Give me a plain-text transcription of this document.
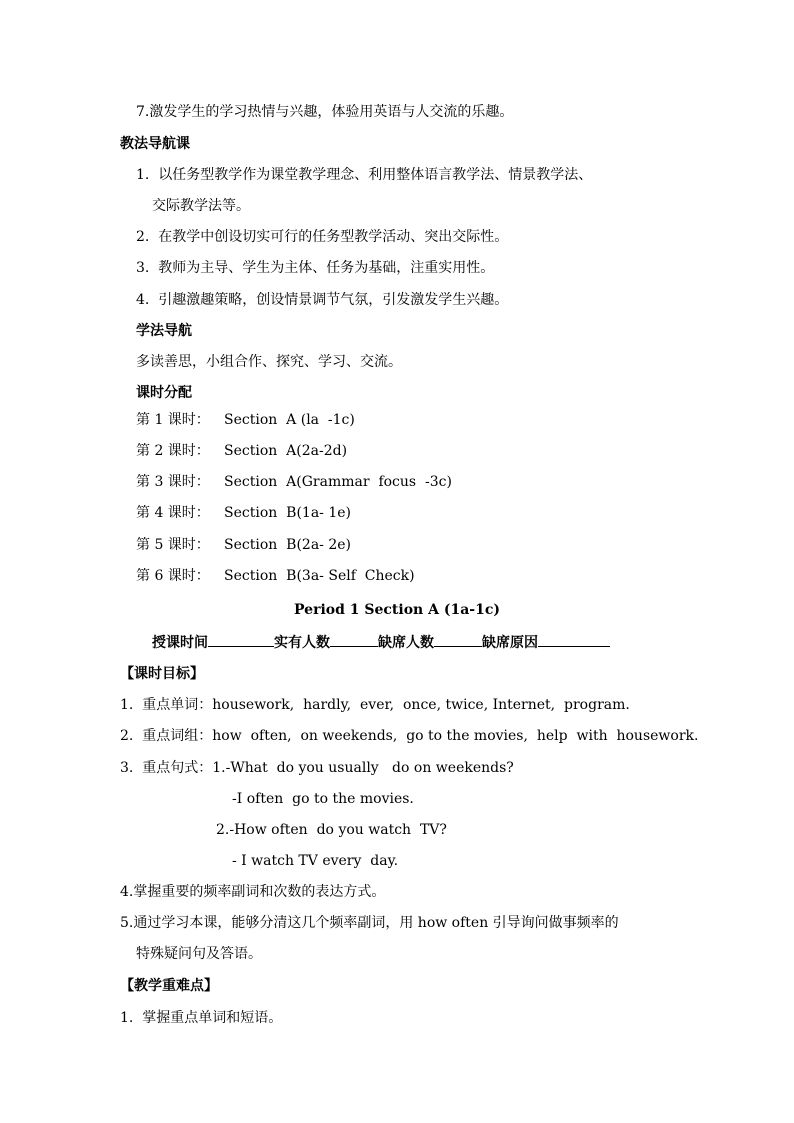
7.激发学生的学习热情与兴趣，体验用英语与人交流的乐趣。
教法导航课
1.  以任务型教学作为课堂教学理念、利用整体语言教学法、情景教学法、
交际教学法等。
2.  在教学中创设切实可行的任务型教学活动、突出交际性。
3.  教师为主导、学生为主体、任务为基础，注重实用性。
4.  引趣激趣策略，创设情景调节气氛，引发激发学生兴趣。
学法导航
多读善思，小组合作、探究、学习、交流。
课时分配
第 1 课时： Section  A (la  -1c)
第 2 课时： Section  A(2a-2d)
第 3 课时： Section  A(Grammar  focus  -3c)
第 4 课时： Section  B(1a- 1e)
第 5 课时： Section  B(2a- 2e)
第 6 课时： Section  B(3a- Self  Check)
Period 1 Section A (1a-1c)
授课时间	实有人数	缺席人数	缺席原因
【课时目标】
1.  重点单词：housework,  hardly,  ever,  once, twice, Internet,  program.
2.  重点词组：how  often,  on weekends,  go to the movies,  help  with  housework.
3.  重点句式：1.-What  do you usually   do on weekends?
-I often  go to the movies.
2.-How often  do you watch  TV?
- I watch TV every  day.
4.掌握重要的频率副词和次数的表达方式。
5.通过学习本课，能够分清这几个频率副词，用 how often 引导询问做事频率的
特殊疑问句及答语。
【教学重难点】
1.  掌握重点单词和短语。
